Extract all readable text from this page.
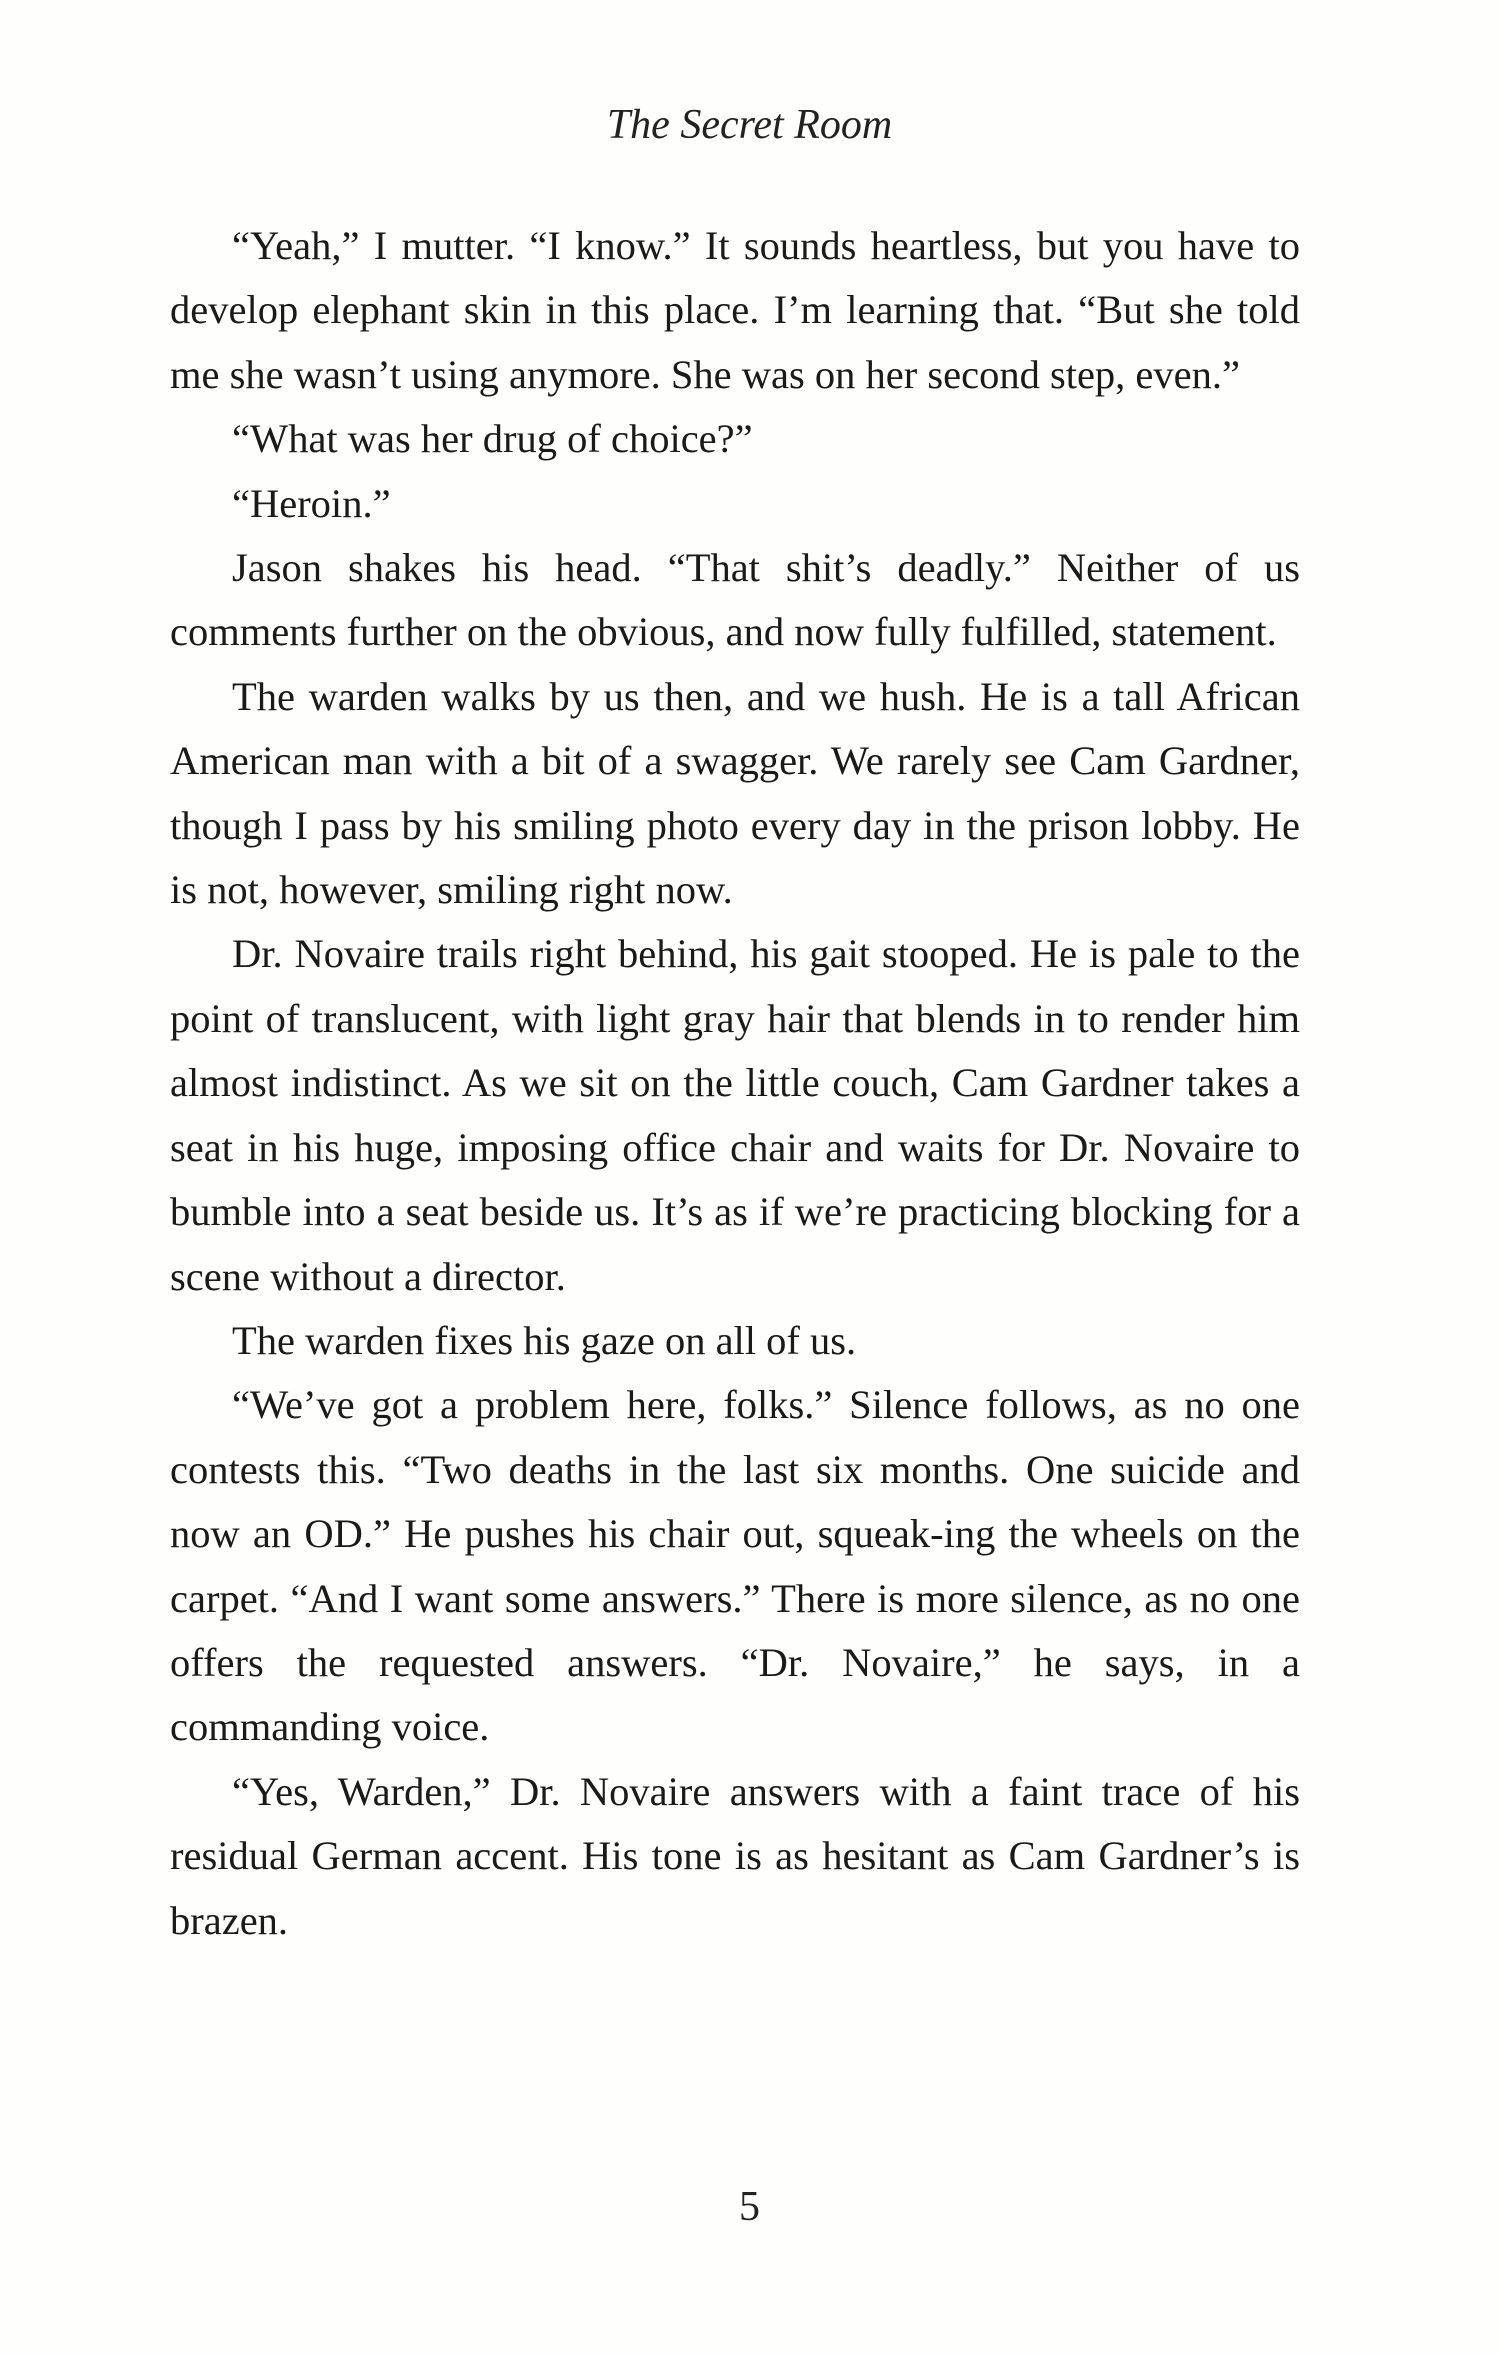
The Secret Room

“Yeah,” I mutter. “I know.” It sounds heartless, but you have to develop elephant skin in this place. I’m learning that. “But she told me she wasn’t using anymore. She was on her second step, even.”

“What was her drug of choice?”

“Heroin.”

Jason shakes his head. “That shit’s deadly.” Neither of us comments further on the obvious, and now fully fulfilled, statement.

The warden walks by us then, and we hush. He is a tall African American man with a bit of a swagger. We rarely see Cam Gardner, though I pass by his smiling photo every day in the prison lobby. He is not, however, smiling right now.

Dr. Novaire trails right behind, his gait stooped. He is pale to the point of translucent, with light gray hair that blends in to render him almost indistinct. As we sit on the little couch, Cam Gardner takes a seat in his huge, imposing office chair and waits for Dr. Novaire to bumble into a seat beside us. It’s as if we’re practicing blocking for a scene without a director.

The warden fixes his gaze on all of us.

“We’ve got a problem here, folks.” Silence follows, as no one contests this. “Two deaths in the last six months. One suicide and now an OD.” He pushes his chair out, squeak-ing the wheels on the carpet. “And I want some answers.” There is more silence, as no one offers the requested answers. “Dr. Novaire,” he says, in a commanding voice.

“Yes, Warden,” Dr. Novaire answers with a faint trace of his residual German accent. His tone is as hesitant as Cam Gardner’s is brazen.

5
